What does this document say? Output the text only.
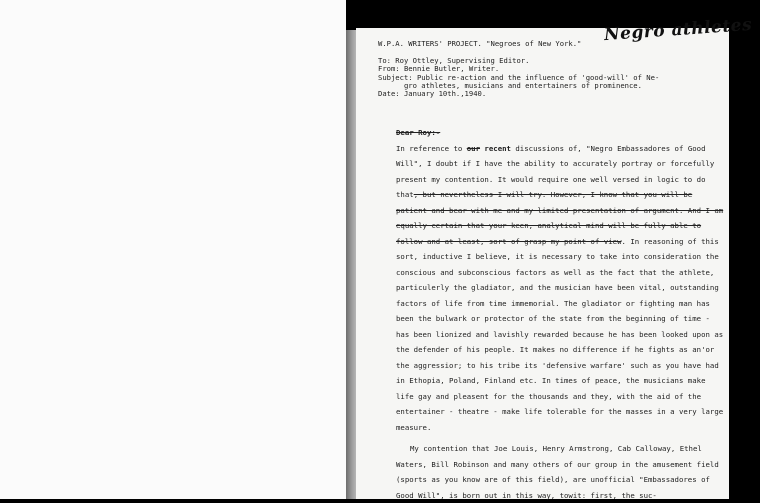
Negro athletes
W.P.A. WRITERS' PROJECT. "Negroes of New York."

To: Roy Ottley, Supervising Editor.
From: Bennie Butler, Writer.
Subject: Public re-action and the influence of 'good-will' of Ne-
gro athletes, musicians and entertainers of prominence.
Date: January 10th.,1940.
Dear Roy:-
In reference to our recent discussions of, "Negro Embassadores of Good Will", I doubt if I have the ability to accurately portray or forcefully present my contention. It would require one well versed in logic to do that, but nevertheless I will try. However, I know that you will be patient and bear with me and my limited presentation of argument. And I am equally certain that your keen, analytical mind will be fully able to follow and at least, sort of grasp my point of view. In reasoning of this sort, inductive I believe, it is necessary to take into consideration the conscious and subconscious factors as well as the fact that the athlete, particulerly the gladiator, and the musician have been vital, outstanding factors of life from time immemorial. The gladiator or fighting man has been the bulwark or protector of the state from the beginning of time - has been lionized and lavishly rewarded because he has been looked upon as the defender of his people. It makes no difference if he fights as an'or the aggressior; to his tribe its 'defensive warfare' such as you have had in Ethopia, Poland, Finland etc. In times of peace, the musicians make life gay and pleasent for the thousands and they, with the aid of the entertainer - theatre - make life tolerable for the masses in a very large measure.
My contention that Joe Louis, Henry Armstrong, Cab Calloway, Ethel Waters, Bill Robinson and many others of our group in the amusement field (sports as you know are of this field), are unofficial "Embassadores of Good Will", is born out in this way, towit: first, the suc-
